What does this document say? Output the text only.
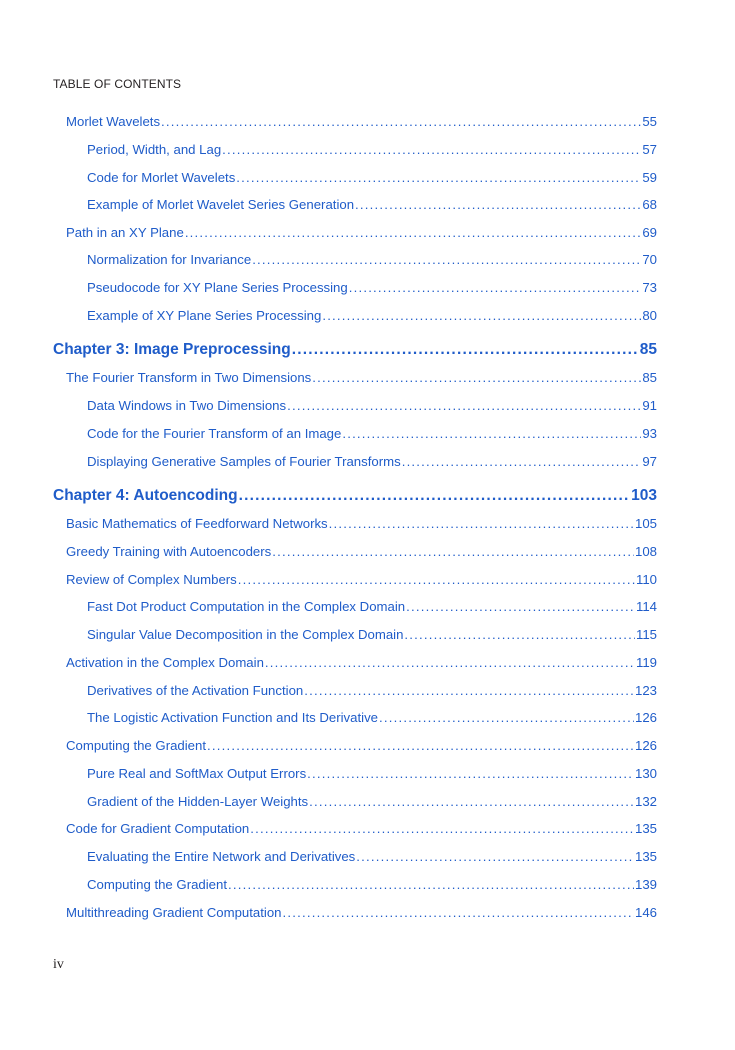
TABLE OF CONTENTS
Morlet Wavelets .....	55
Period, Width, and Lag .....	57
Code for Morlet Wavelets .....	59
Example of Morlet Wavelet Series Generation .....	68
Path in an XY Plane .....	69
Normalization for Invariance .....	70
Pseudocode for XY Plane Series Processing .....	73
Example of XY Plane Series Processing .....	80
Chapter 3: Image Preprocessing .....	85
The Fourier Transform in Two Dimensions .....	85
Data Windows in Two Dimensions .....	91
Code for the Fourier Transform of an Image .....	93
Displaying Generative Samples of Fourier Transforms .....	97
Chapter 4: Autoencoding .....	103
Basic Mathematics of Feedforward Networks .....	105
Greedy Training with Autoencoders .....	108
Review of Complex Numbers .....	110
Fast Dot Product Computation in the Complex Domain .....	114
Singular Value Decomposition in the Complex Domain .....	115
Activation in the Complex Domain .....	119
Derivatives of the Activation Function .....	123
The Logistic Activation Function and Its Derivative .....	126
Computing the Gradient .....	126
Pure Real and SoftMax Output Errors .....	130
Gradient of the Hidden-Layer Weights .....	132
Code for Gradient Computation .....	135
Evaluating the Entire Network and Derivatives .....	135
Computing the Gradient .....	139
Multithreading Gradient Computation .....	146
iv
